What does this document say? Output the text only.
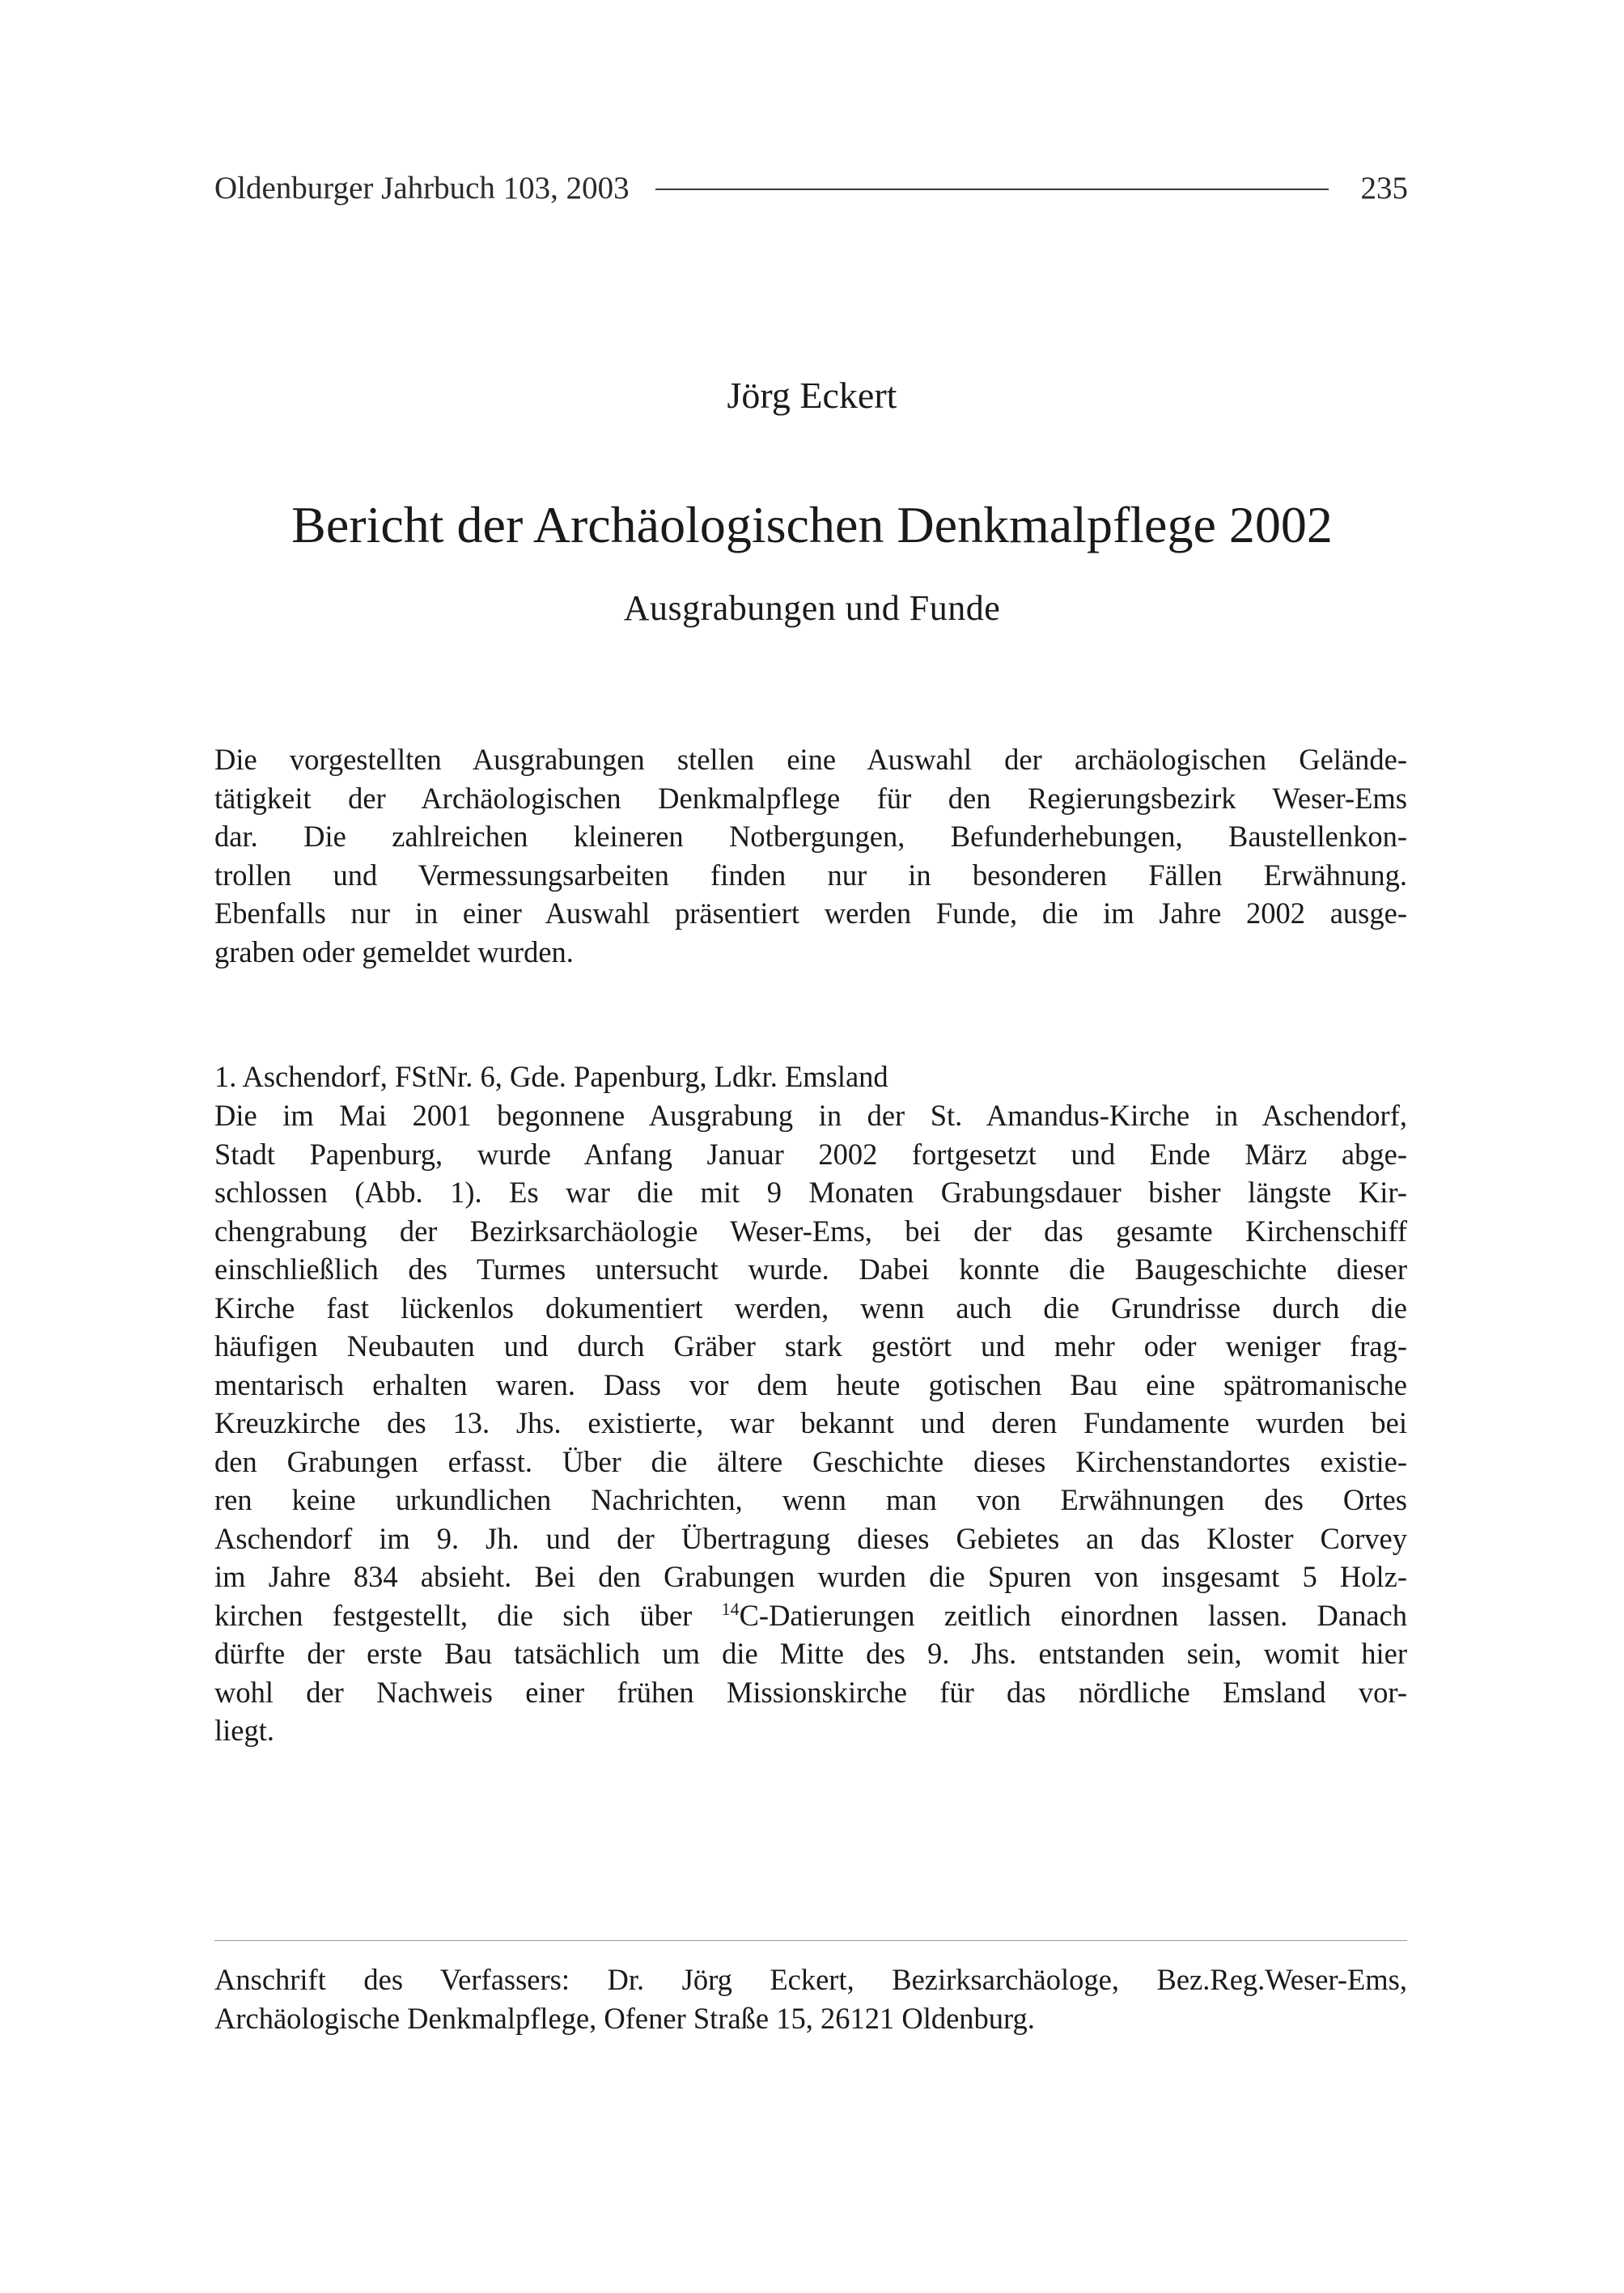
Oldenburger Jahrbuch 103, 2003	235
Jörg Eckert
Bericht der Archäologischen Denkmalpflege 2002
Ausgrabungen und Funde

Die vorgestellten Ausgrabungen stellen eine Auswahl der archäologischen Gelände-
tätigkeit der Archäologischen Denkmalpflege für den Regierungsbezirk Weser-Ems
dar. Die zahlreichen kleineren Notbergungen, Befunderhebungen, Baustellenkon-
trollen und Vermessungsarbeiten finden nur in besonderen Fällen Erwähnung.
Ebenfalls nur in einer Auswahl präsentiert werden Funde, die im Jahre 2002 ausge-
graben oder gemeldet wurden.

1. Aschendorf, FStNr. 6, Gde. Papenburg, Ldkr. Emsland

Die im Mai 2001 begonnene Ausgrabung in der St. Amandus-Kirche in Aschendorf,
Stadt Papenburg, wurde Anfang Januar 2002 fortgesetzt und Ende März abge-
schlossen (Abb. 1). Es war die mit 9 Monaten Grabungsdauer bisher längste Kir-
chengrabung der Bezirksarchäologie Weser-Ems, bei der das gesamte Kirchenschiff
einschließlich des Turmes untersucht wurde. Dabei konnte die Baugeschichte dieser
Kirche fast lückenlos dokumentiert werden, wenn auch die Grundrisse durch die
häufigen Neubauten und durch Gräber stark gestört und mehr oder weniger frag-
mentarisch erhalten waren. Dass vor dem heute gotischen Bau eine spätromanische
Kreuzkirche des 13. Jhs. existierte, war bekannt und deren Fundamente wurden bei
den Grabungen erfasst. Über die ältere Geschichte dieses Kirchenstandortes existie-
ren keine urkundlichen Nachrichten, wenn man von Erwähnungen des Ortes
Aschendorf im 9. Jh. und der Übertragung dieses Gebietes an das Kloster Corvey
im Jahre 834 absieht. Bei den Grabungen wurden die Spuren von insgesamt 5 Holz-
kirchen festgestellt, die sich über $^{14}$C-Datierungen zeitlich einordnen lassen. Danach
dürfte der erste Bau tatsächlich um die Mitte des 9. Jhs. entstanden sein, womit hier
wohl der Nachweis einer frühen Missionskirche für das nördliche Emsland vor-
liegt.

Anschrift des Verfassers: Dr. Jörg Eckert, Bezirksarchäologe, Bez.Reg.Weser-Ems,
Archäologische Denkmalpflege, Ofener Straße 15, 26121 Oldenburg.
